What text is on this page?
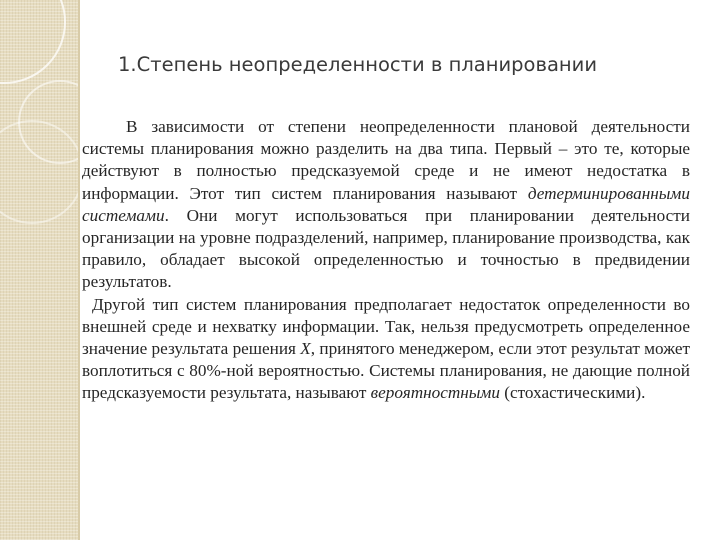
1.Степень неопределенности в планировании

В зависимости от степени неопределенности плановой деятельности системы планирования можно разделить на два типа. Первый – это те, которые действуют в полностью предсказуемой среде и не имеют недостатка в информации. Этот тип систем планирования называют детерминированными системами. Они могут использоваться при планировании деятельности организации на уровне подразделений, например, планирование производства, как правило, обладает высокой определенностью и точностью в предвидении результатов.

Другой тип систем планирования предполагает недостаток определенности во внешней среде и нехватку информации. Так, нельзя предусмотреть определенное значение результата решения X, принятого менеджером, если этот результат может воплотиться с 80%-ной вероятностью. Системы планирования, не дающие полной предсказуемости результата, называют вероятностными (стохастическими).
